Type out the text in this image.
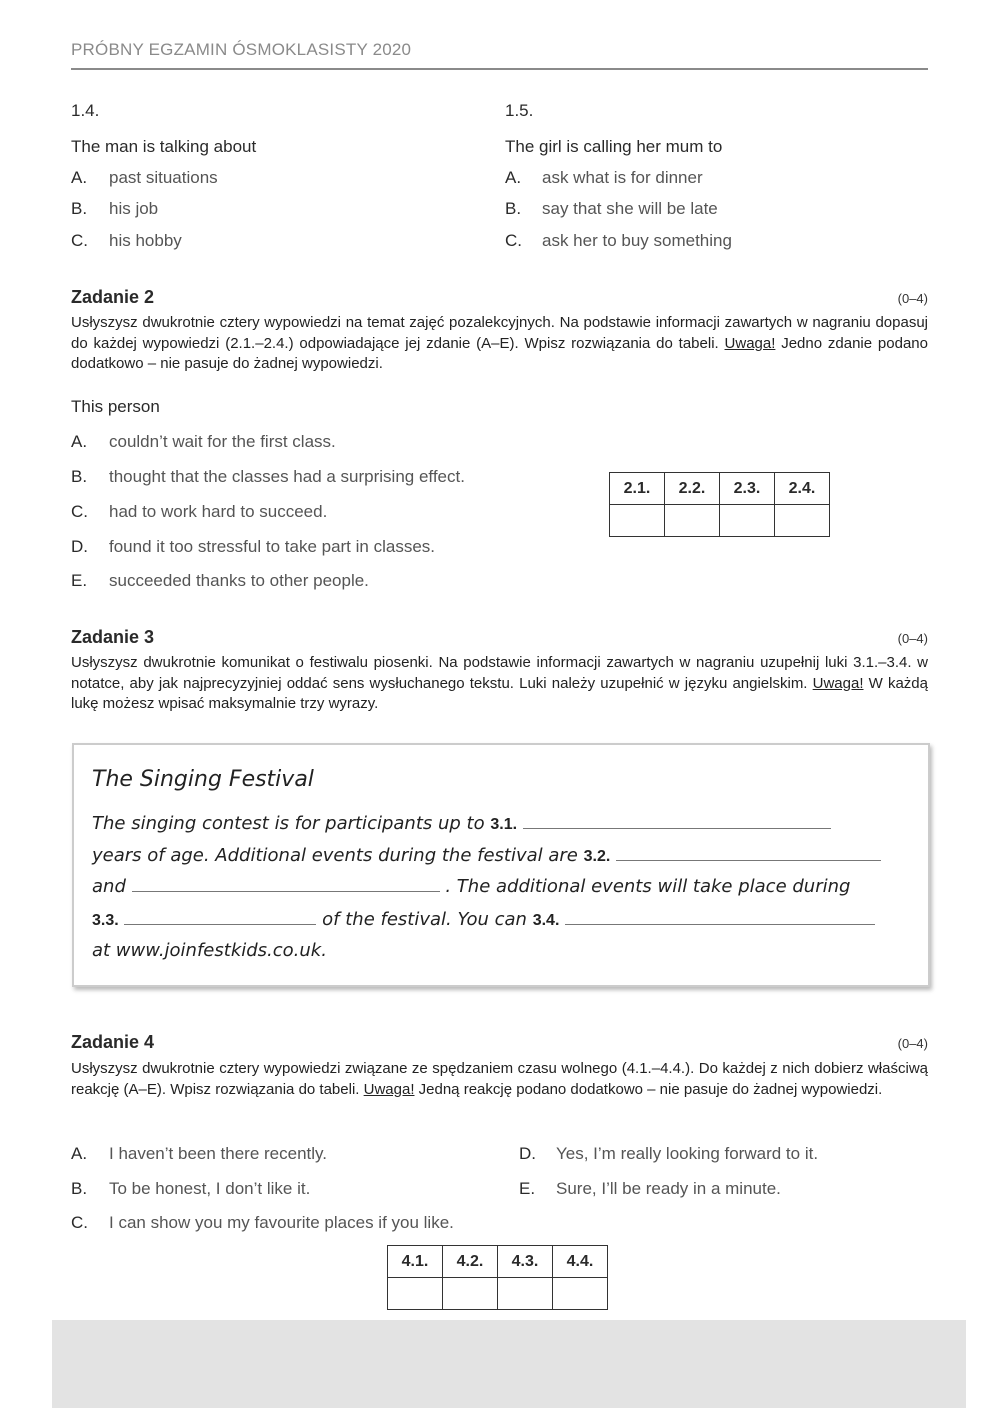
PRÓBNY EGZAMIN ÓSMOKLASISTY 2020
1.4.
The man is talking about
A. past situations
B. his job
C. his hobby
1.5.
The girl is calling her mum to
A. ask what is for dinner
B. say that she will be late
C. ask her to buy something
Zadanie 2	(0–4)
Usłyszysz dwukrotnie cztery wypowiedzi na temat zajęć pozalekcyjnych. Na podstawie informacji zawartych w nagraniu dopasuj do każdej wypowiedzi (2.1.–2.4.) odpowiadające jej zdanie (A–E). Wpisz rozwiązania do tabeli. Uwaga! Jedno zdanie podano dodatkowo – nie pasuje do żadnej wypowiedzi.
This person
A. couldn’t wait for the first class.
B. thought that the classes had a surprising effect.
C. had to work hard to succeed.
D. found it too stressful to take part in classes.
E. succeeded thanks to other people.
2.1.	2.2.	2.3.	2.4.

Zadanie 3	(0–4)
Usłyszysz dwukrotnie komunikat o festiwalu piosenki. Na podstawie informacji zawartych w nagraniu uzupełnij luki 3.1.–3.4. w notatce, aby jak najprecyzyjniej oddać sens wysłuchanego tekstu. Luki należy uzupełnić w języku angielskim. Uwaga! W każdą lukę możesz wpisać maksymalnie trzy wyrazy.
The Singing Festival
The singing contest is for participants up to 3.1.
years of age. Additional events during the festival are 3.2.
and	. The additional events will take place during
3.3.	of the festival. You can 3.4.
at www.joinfestkids.co.uk.
Zadanie 4	(0–4)
Usłyszysz dwukrotnie cztery wypowiedzi związane ze spędzaniem czasu wolnego (4.1.–4.4.). Do każdej z nich dobierz właściwą reakcję (A–E). Wpisz rozwiązania do tabeli. Uwaga! Jedną reakcję podano dodatkowo – nie pasuje do żadnej wypowiedzi.
A. I haven’t been there recently.
B. To be honest, I don’t like it.
C. I can show you my favourite places if you like.
D. Yes, I’m really looking forward to it.
E. Sure, I’ll be ready in a minute.
4.1.	4.2.	4.3.	4.4.
